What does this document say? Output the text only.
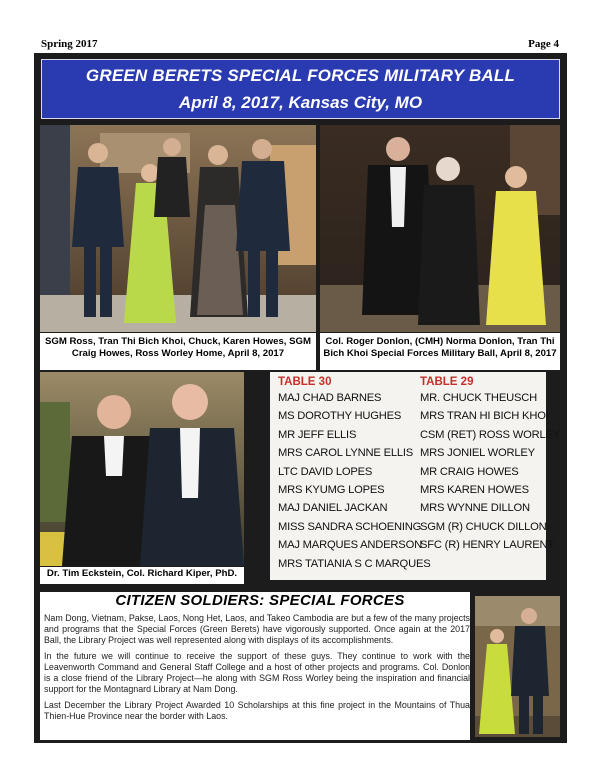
Spring 2017	Page 4
GREEN BERETS SPECIAL FORCES MILITARY BALL
April 8, 2017, Kansas City, MO
SGM Ross, Tran Thi Bich Khoi, Chuck, Karen Howes, SGM Craig Howes, Ross Worley Home, April 8, 2017
Col. Roger Donlon, (CMH) Norma Donlon, Tran Thi Bich Khoi Special Forces Military Ball, April 8, 2017
Dr. Tim Eckstein, Col. Richard Kiper, PhD.
TABLE 30
MAJ CHAD BARNES
MS DOROTHY HUGHES
MR JEFF ELLIS
MRS CAROL LYNNE ELLIS
LTC DAVID LOPES
MRS KYUMG LOPES
MAJ DANIEL JACKAN
MISS SANDRA SCHOENING
MAJ MARQUES ANDERSON
MRS TATIANIA S C MARQUES
TABLE 29
MR. CHUCK THEUSCH
MRS TRAN HI BICH KHOI
CSM (RET) ROSS WORLEY
MRS JONIEL WORLEY
MR CRAIG HOWES
MRS KAREN HOWES
MRS WYNNE DILLON
SGM (R) CHUCK DILLON
SFC (R) HENRY LAURENT
CITIZEN SOLDIERS: SPECIAL FORCES

Nam Dong, Vietnam, Pakse, Laos, Nong Het, Laos, and Takeo Cambodia are but a few of the many projects and programs that the Special Forces (Green Berets) have vigorously supported. Once again at the 2017 Ball, the Library Project was well represented along with displays of its accomplishments.

In the future we will continue to receive the support of these guys. They continue to work with the Leavenworth Command and General Staff College and a host of other projects and programs. Col. Donlon is a close friend of the Library Project—he along with SGM Ross Worley being the inspiration and financial support for the Montagnard Library at Nam Dong.

Last December the Library Project Awarded 10 Scholarships at this fine project in the Mountains of Thua Thien-Hue Province near the border with Laos.
